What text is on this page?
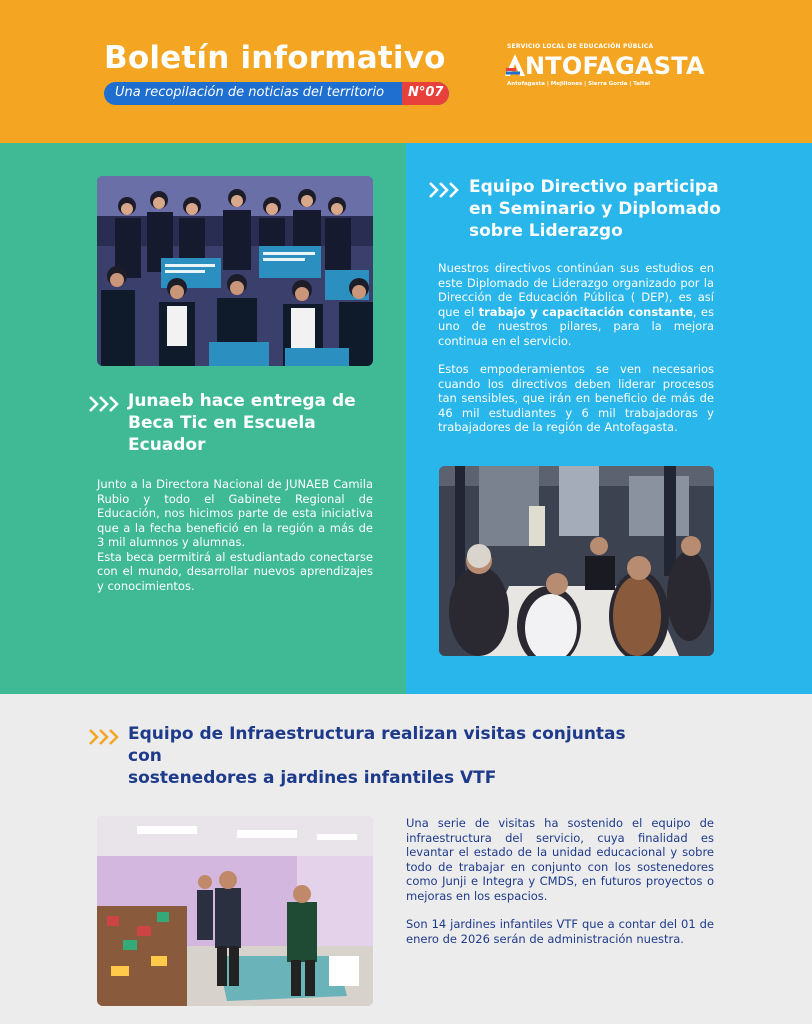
Boletín informativo
Una recopilación de noticias del territorio	N°07
SERVICIO LOCAL DE EDUCACIÓN PÚBLICA
NTOFAGASTA
Antofagasta | Mejillones | Sierra Gorda | Taltal
Junaeb hace entrega de
Beca Tic en Escuela
Ecuador
Junto a la Directora Nacional de JUNAEB Camila Rubio y todo el Gabinete Regional de Educación, nos hicimos parte de esta iniciativa que a la fecha benefició en la región a más de 3 mil alumnos y alumnas.
Esta beca permitirá al estudiantado conectarse con el mundo, desarrollar nuevos aprendizajes y conocimientos.
Equipo Directivo participa
en Seminario y Diplomado
sobre Liderazgo

Nuestros directivos continúan sus estudios en este Diplomado de Liderazgo organizado por la Dirección de Educación Pública ( DEP), es así que el trabajo y capacitación constante, es uno de nuestros pilares, para la mejora continua en el servicio.

Estos empoderamientos se ven necesarios cuando los directivos deben liderar procesos tan sensibles, que irán en beneficio de más de 46 mil estudiantes y 6 mil trabajadoras y trabajadores de la región de Antofagasta.

Equipo de Infraestructura realizan visitas conjuntas con
sostenedores a jardines infantiles VTF

Una serie de visitas ha sostenido el equipo de infraestructura del servicio, cuya finalidad es levantar el estado de la unidad educacional y sobre todo de trabajar en conjunto con los sostenedores como Junji e Integra y CMDS, en futuros proyectos o mejoras en los espacios.

Son 14 jardines infantiles VTF que a contar del 01 de enero de 2026 serán de administración nuestra.
